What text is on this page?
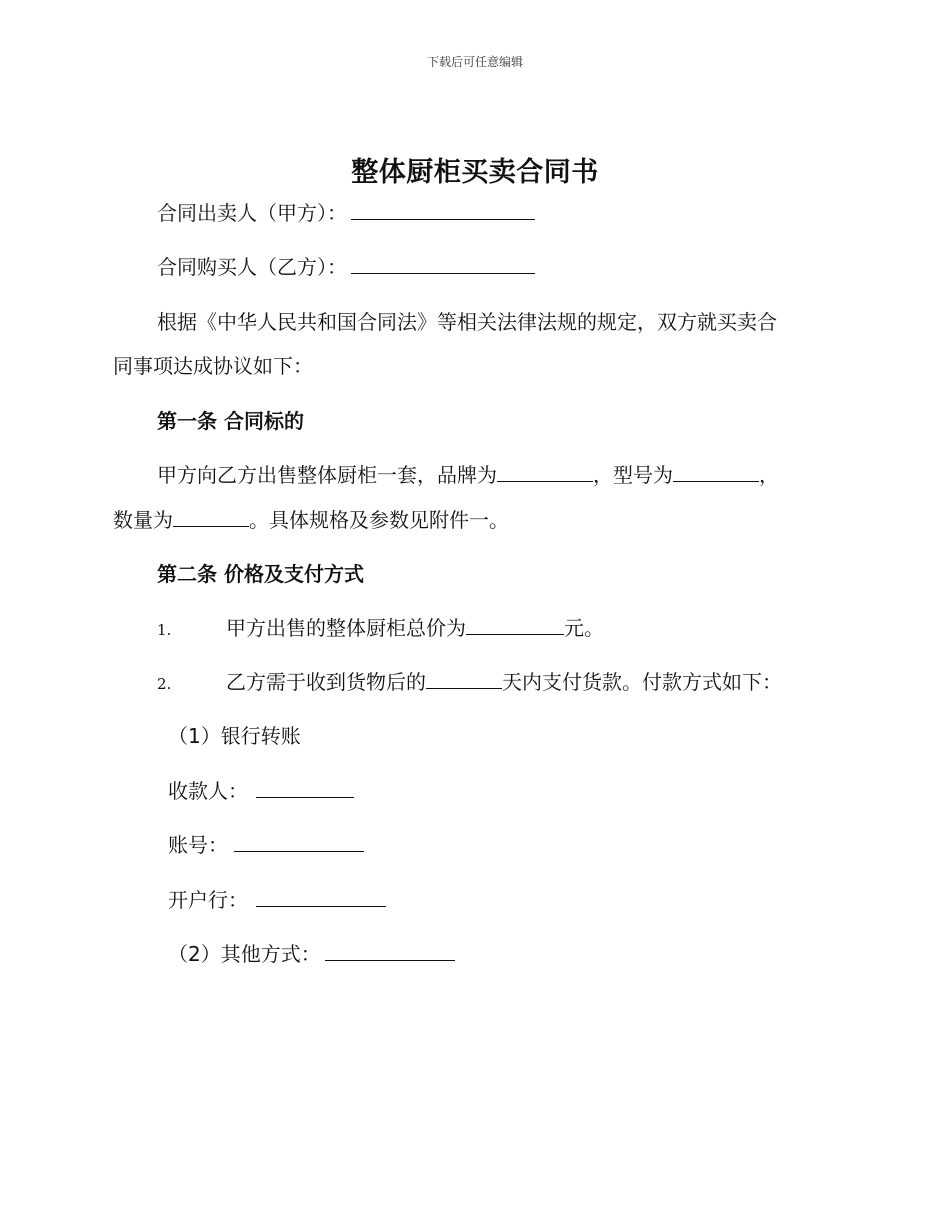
下载后可任意编辑
整体厨柜买卖合同书
合同出卖人（甲方）：
合同购买人（乙方）：
根据《中华人民共和国合同法》等相关法律法规的规定，双方就买卖合
同事项达成协议如下：
第一条 合同标的
甲方向乙方出售整体厨柜一套，品牌为	，型号为	，
数量为	。具体规格及参数见附件一。
第二条 价格及支付方式
1.	甲方出售的整体厨柜总价为	元。
2.	乙方需于收到货物后的	天内支付货款。付款方式如下：
（1）银行转账
收款人：
账号：
开户行：
（2）其他方式：
